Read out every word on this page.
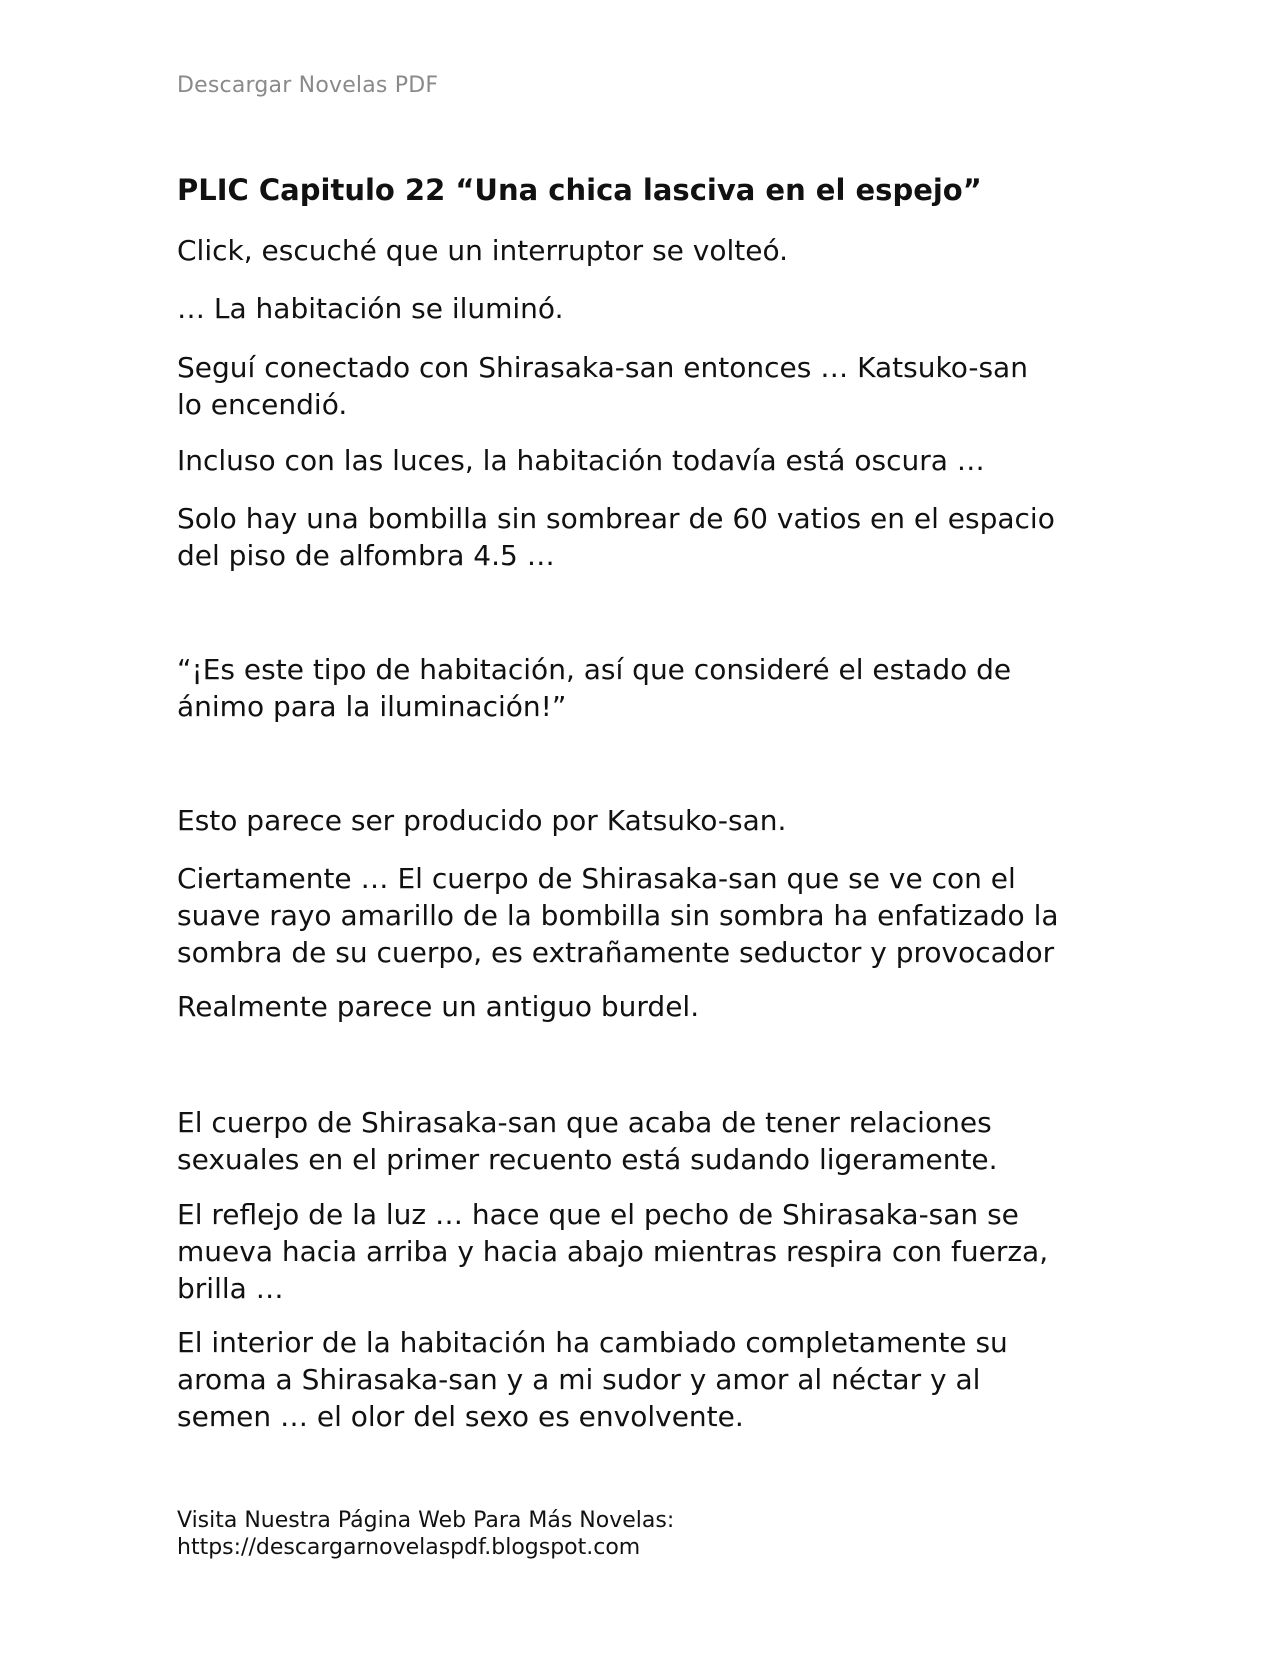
Descargar Novelas PDF
PLIC Capitulo 22 “Una chica lasciva en el espejo”

Click, escuché que un interruptor se volteó.

… La habitación se iluminó.

Seguí conectado con Shirasaka-san entonces … Katsuko-san
lo encendió.

Incluso con las luces, la habitación todavía está oscura …

Solo hay una bombilla sin sombrear de 60 vatios en el espacio
del piso de alfombra 4.5 …

“¡Es este tipo de habitación, así que consideré el estado de
ánimo para la iluminación!”

Esto parece ser producido por Katsuko-san.

Ciertamente … El cuerpo de Shirasaka-san que se ve con el
suave rayo amarillo de la bombilla sin sombra ha enfatizado la
sombra de su cuerpo, es extrañamente seductor y provocador

Realmente parece un antiguo burdel.

El cuerpo de Shirasaka-san que acaba de tener relaciones
sexuales en el primer recuento está sudando ligeramente.

El reflejo de la luz … hace que el pecho de Shirasaka-san se
mueva hacia arriba y hacia abajo mientras respira con fuerza,
brilla …

El interior de la habitación ha cambiado completamente su
aroma a Shirasaka-san y a mi sudor y amor al néctar y al
semen … el olor del sexo es envolvente.

Visita Nuestra Página Web Para Más Novelas:
https://descargarnovelaspdf.blogspot.com
